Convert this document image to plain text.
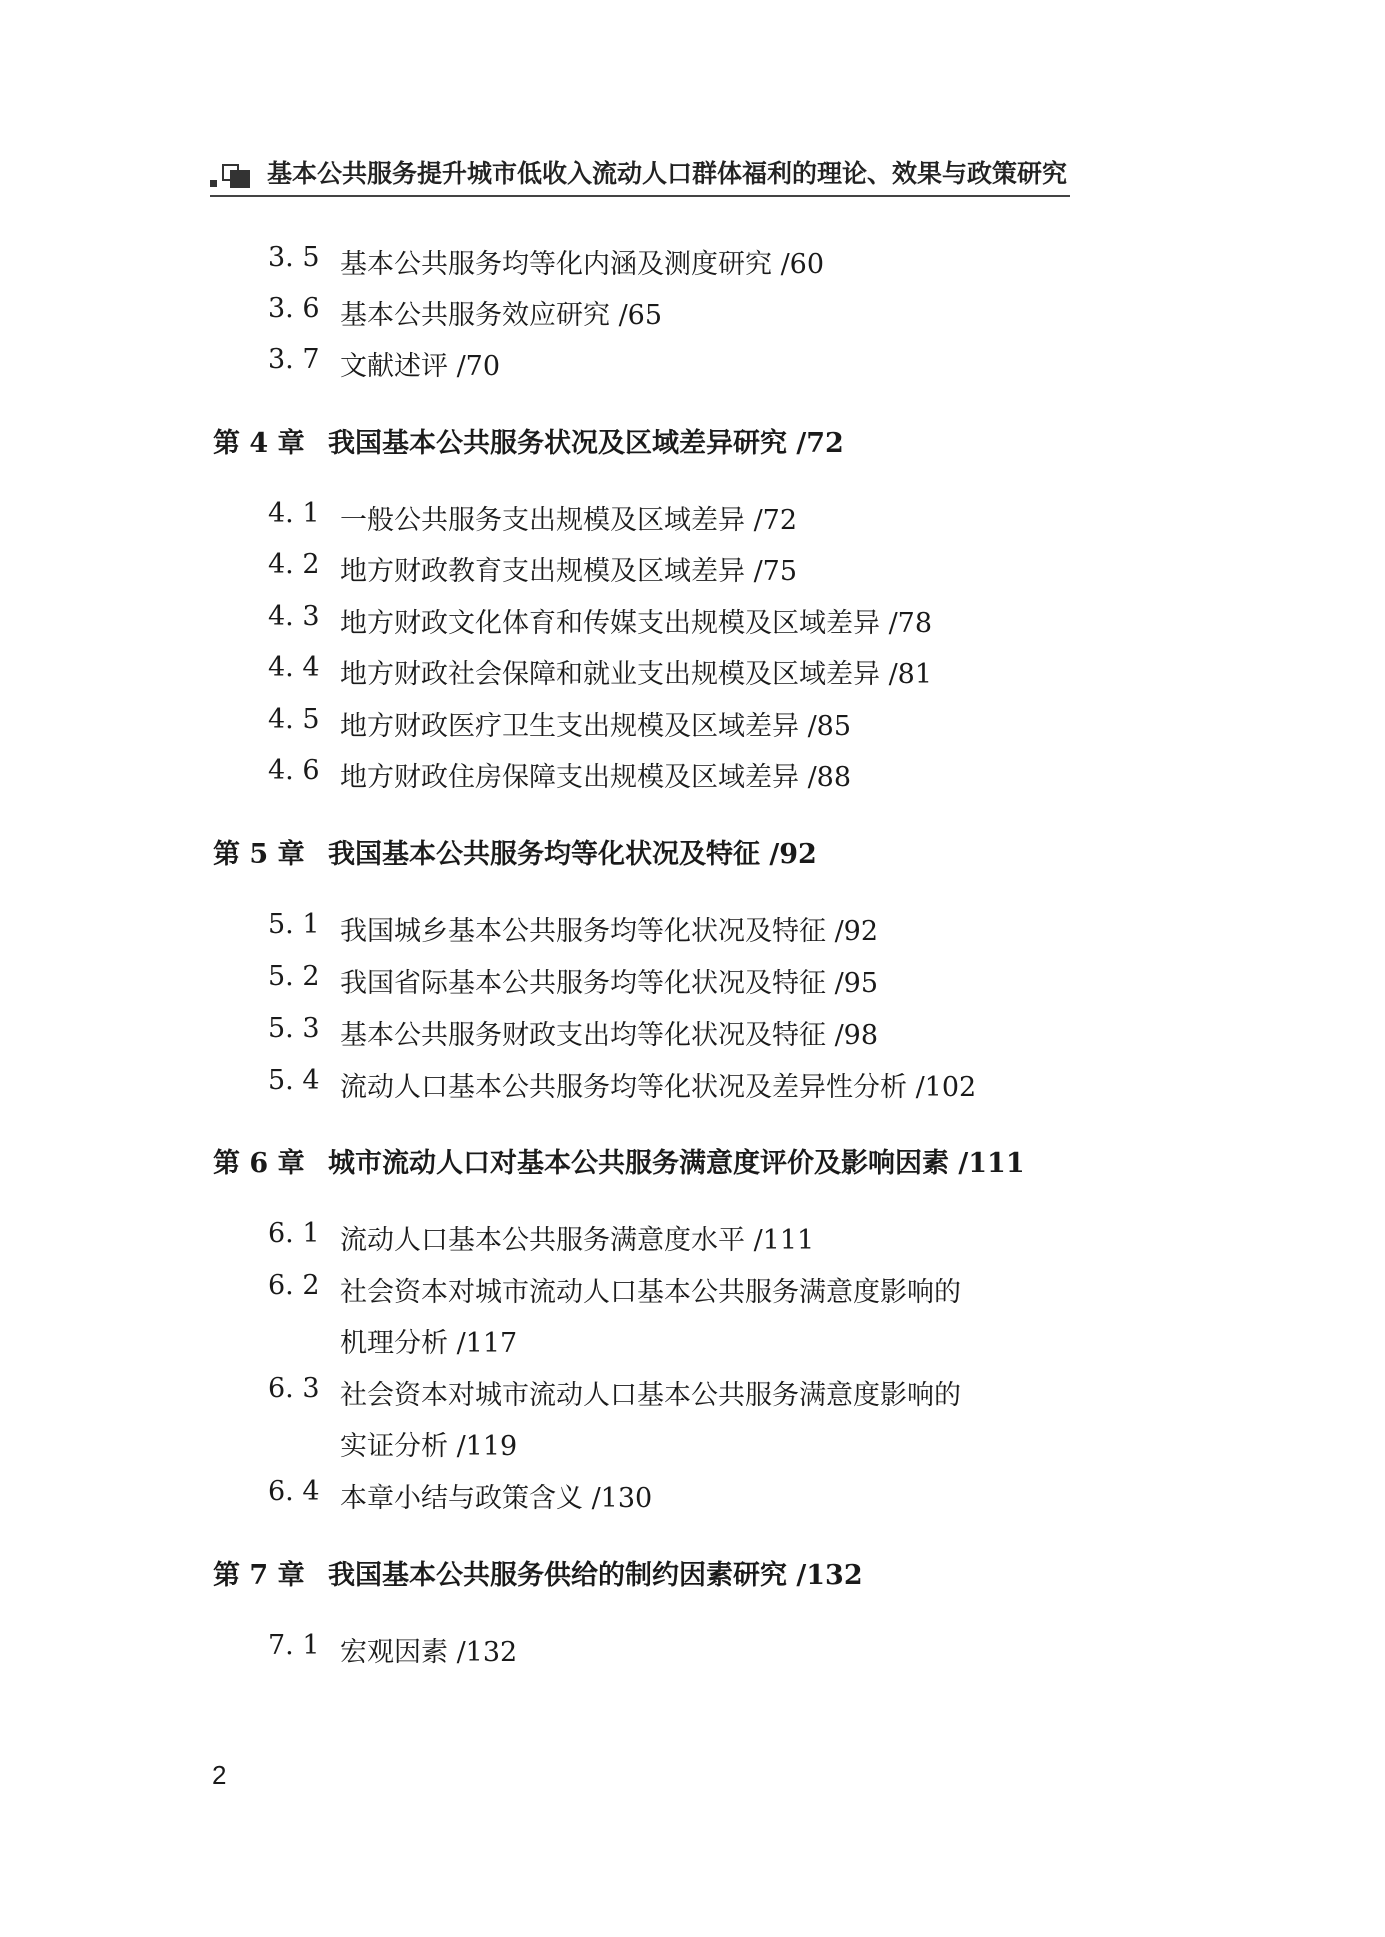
基本公共服务提升城市低收入流动人口群体福利的理论、效果与政策研究
3. 5 基本公共服务均等化内涵及测度研究 /60
3. 6 基本公共服务效应研究 /65
3. 7 文献述评 /70
第 4 章 我国基本公共服务状况及区域差异研究 /72
4. 1 一般公共服务支出规模及区域差异 /72
4. 2 地方财政教育支出规模及区域差异 /75
4. 3 地方财政文化体育和传媒支出规模及区域差异 /78
4. 4 地方财政社会保障和就业支出规模及区域差异 /81
4. 5 地方财政医疗卫生支出规模及区域差异 /85
4. 6 地方财政住房保障支出规模及区域差异 /88
第 5 章 我国基本公共服务均等化状况及特征 /92
5. 1 我国城乡基本公共服务均等化状况及特征 /92
5. 2 我国省际基本公共服务均等化状况及特征 /95
5. 3 基本公共服务财政支出均等化状况及特征 /98
5. 4 流动人口基本公共服务均等化状况及差异性分析 /102
第 6 章 城市流动人口对基本公共服务满意度评价及影响因素 /111
6. 1 流动人口基本公共服务满意度水平 /111
6. 2 社会资本对城市流动人口基本公共服务满意度影响的
机理分析 /117
6. 3 社会资本对城市流动人口基本公共服务满意度影响的
实证分析 /119
6. 4 本章小结与政策含义 /130
第 7 章 我国基本公共服务供给的制约因素研究 /132
7. 1 宏观因素 /132
2
